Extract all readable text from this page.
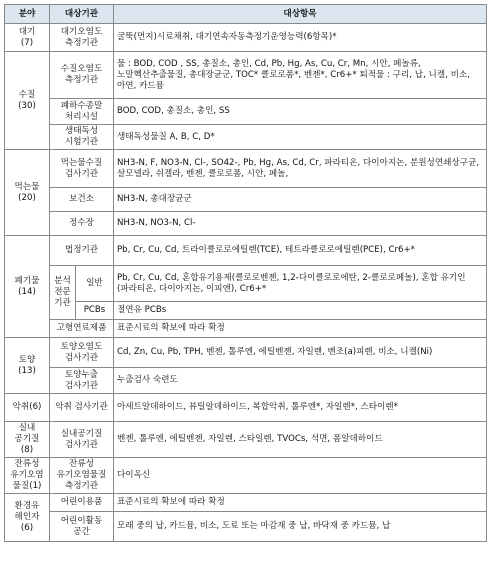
분야	대상기관		대상항목
대기
(7)	대기오염도 측정기관		굴뚝(먼지)시료채취, 대기연속자동측정기운영능력(6항목)*
수질
(30)	수질오염도 측정기관		물 : BOD, COD , SS, 총질소, 총인, Cd, Pb, Hg, As, Cu, Cr, Mn, 시안, 페놀류, 노말헥산추출물질, 총대장균군, TOC* 클로로폼*, 벤젠*, Cr6+* 퇴적물 : 구리, 납, 니켈, 비소, 아연, 카드뮴
	폐하수종말 처리시설		BOD, COD, 총질소, 총인, SS
	생태독성 시험기관		생태독성물질 A, B, C, D*
먹는물
(20)	먹는물수질 검사기관		NH3-N, F, NO3-N, Cl-, SO42-, Pb, Hg, As, Cd, Cr, 파라티온, 다이아지논, 분원성연쇄상구균, 살모넬라, 쉬겔라, 벤젠, 클로로폼, 시안, 페놀,
	보건소		NH3-N, 총대장균군
	정수장		NH3-N, NO3-N, Cl-
폐기물
(14)	법정기관		Pb, Cr, Cu, Cd, 트라이클로로에틸렌(TCE), 테트라클로로에틸렌(PCE), Cr6+*
	분석 전문 기관	일반	Pb, Cr, Cu, Cd, 혼합유기용제(클로로벤젠, 1,2-다이클로로에탄, 2-클로로페놀), 혼합 유기인(파라티온, 다이아지논, 이피엔), Cr6+*
		PCBs	절연유 PCBs
	고형연료제품		표준시료의 확보에 따라 확정
토양
(13)	토양오염도 검사기관		Cd, Zn, Cu, Pb, TPH, 벤젠, 톨루엔, 에틸벤젠, 자일렌, 벤조(a)피렌, 비소, 니켈(Ni)
	토양누출 검사기관		누출검사 숙련도
악취(6)	악취 검사기관		아세트알데하이드, 뷰틸알데하이드, 복합악취, 톨루엔*, 자일렌*, 스타이렌*
실내 공기질
(8)	실내공기질 검사기관		벤젠, 톨루엔, 에틸벤젠, 자일렌, 스타일렌, TVOCs, 석면, 폼알데하이드
잔류성 유기오염 물질(1)	잔류성 유기오염물질 측정기관		다이옥신
환경유 해인자
(6)	어린이용품		표준시료의 확보에 따라 확정
	어린이활동 공간		모래 중의 납, 카드뮴, 비소, 도료 또는 마감재 중 납, 바닥재 중 카드뮴, 납
